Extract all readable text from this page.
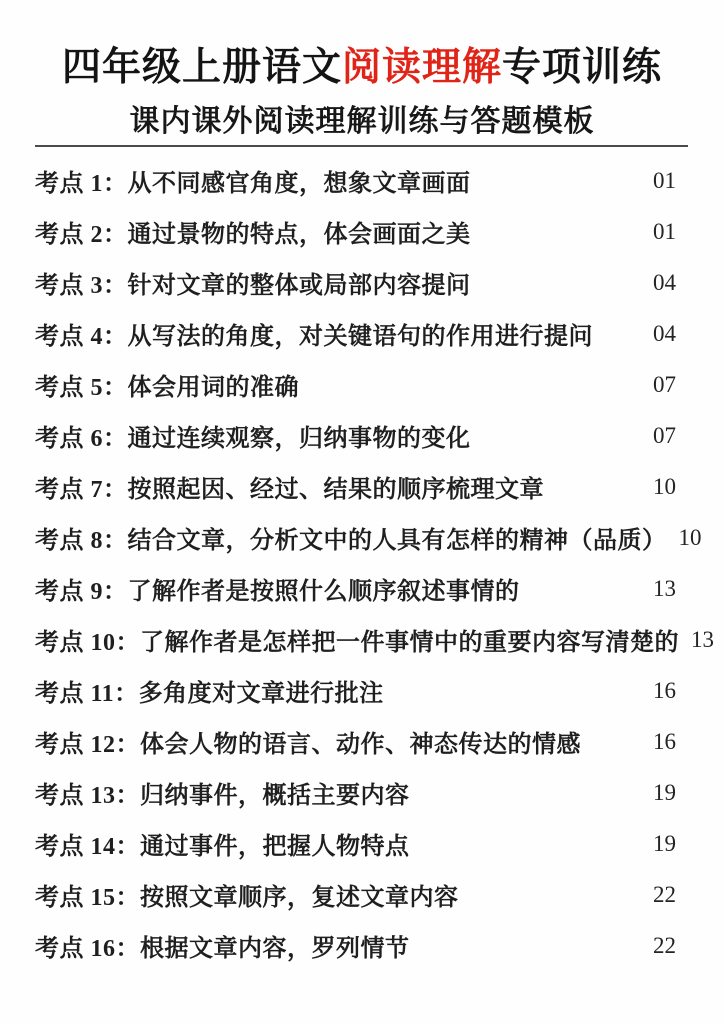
四年级上册语文阅读理解专项训练
课内课外阅读理解训练与答题模板
考点 1：从不同感官角度，想象文章画面	01
考点 2：通过景物的特点，体会画面之美	01
考点 3：针对文章的整体或局部内容提问	04
考点 4：从写法的角度，对关键语句的作用进行提问	04
考点 5：体会用词的准确	07
考点 6：通过连续观察，归纳事物的变化	07
考点 7：按照起因、经过、结果的顺序梳理文章	10
考点 8：结合文章，分析文中的人具有怎样的精神（品质） 10
考点 9：了解作者是按照什么顺序叙述事情的	13
考点 10：了解作者是怎样把一件事情中的重要内容写清楚的 13
考点 11：多角度对文章进行批注	16
考点 12：体会人物的语言、动作、神态传达的情感	16
考点 13：归纳事件，概括主要内容	19
考点 14：通过事件，把握人物特点	19
考点 15：按照文章顺序，复述文章内容	22
考点 16：根据文章内容，罗列情节	22
